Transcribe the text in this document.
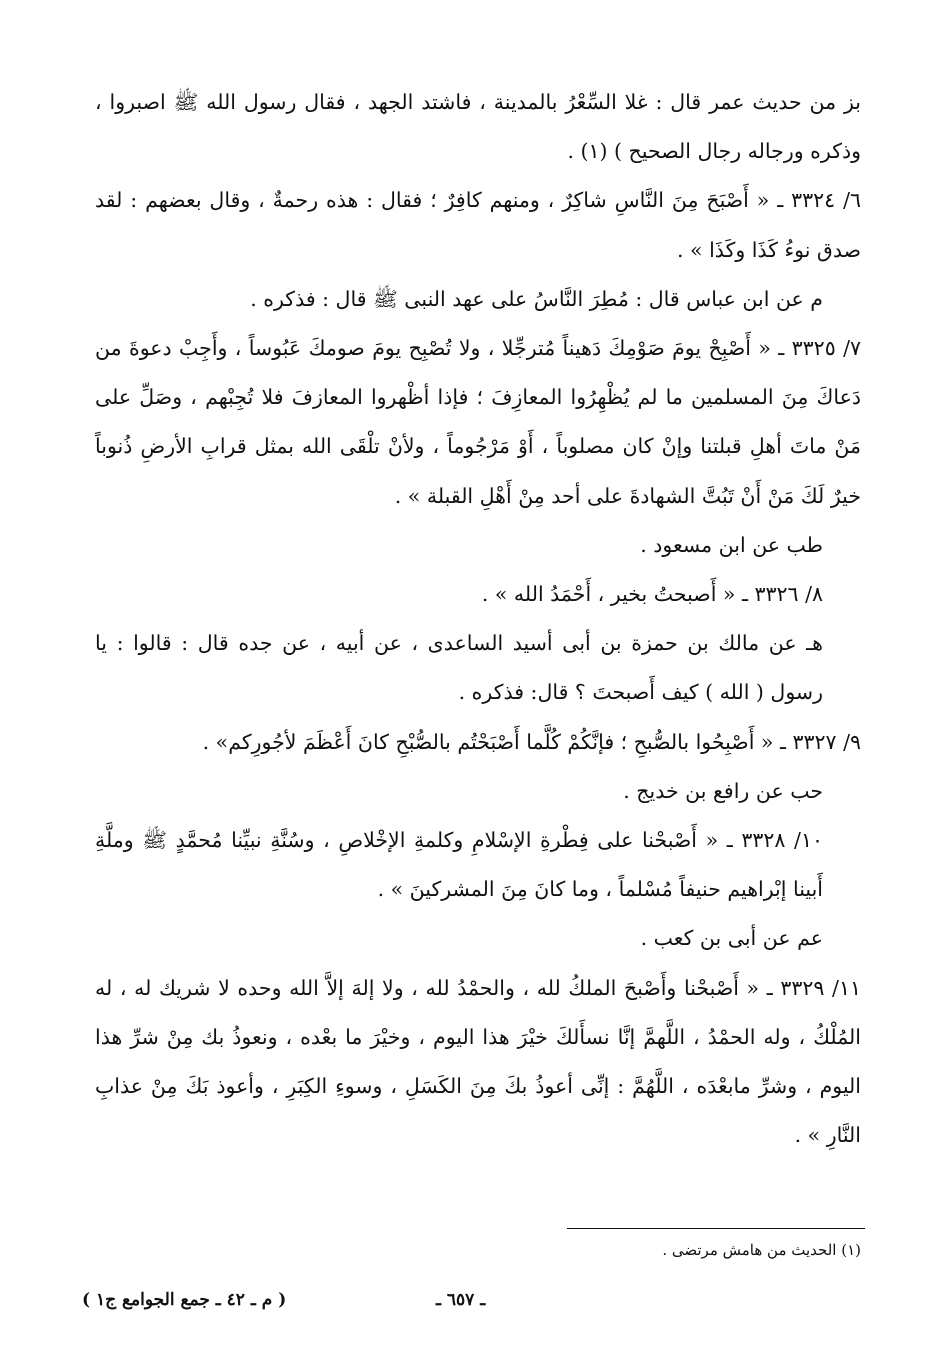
بز من حديث عمر قال : غلا السِّعْرُ بالمدينة ، فاشتد الجهد ، فقال رسول الله ﷺ اصبروا ، وذكره ورجاله رجال الصحيح ) (١) .

٦/ ٣٣٢٤ ـ « أَصْبَحَ مِنَ النَّاسِ شاكِرٌ ، ومنهم كافِرٌ ؛ فقال : هذه رحمةٌ ، وقال بعضهم : لقد صدق نوءُ كَذَا وكَذَا » .

م عن ابن عباس قال : مُطِرَ النَّاسُ على عهد النبى ﷺ قال : فذكره .

٧/ ٣٣٢٥ ـ « أَصْبِحْ يومَ صَوْمِكَ دَهيناً مُترجِّلا ، ولا تُصْبِح يومَ صومكَ عَبُوساً ، وأَجِبْ دعوةَ من دَعاكَ مِنَ المسلمين ما لم يُظْهِرُوا المعازِفَ ؛ فإذا أظْهروا المعازفَ فلا تُجِبْهم ، وصَلِّ على مَنْ ماتَ أهلِ قبلتنا وإنْ كان مصلوباً ، أَوْ مَرْجُوماً ، ولأنْ تلْقَى الله بمثل قرابِ الأرضِ ذُنوباً خيرٌ لَكَ مَنْ أَنْ تَبُتَّ الشهادةَ على أحد مِنْ أَهْلِ القبلة » .

طب عن ابن مسعود .

٨/ ٣٣٢٦ ـ « أَصبحتُ بخير ، أَحْمَدُ الله » .

هـ عن مالك بن حمزة بن أبى أسيد الساعدى ، عن أبيه ، عن جده قال : قالوا : يا رسول ( الله ) كيف أَصبحتَ ؟ قال: فذكره .

٩/ ٣٣٢٧ ـ « أَصْبِحُوا بالصُّبحِ ؛ فإنَّكُمْ كُلَّما أَصْبَحْتُم بالصُّبْحِ كانَ أَعْظَمَ لأجُورِكم» .

حب عن رافع بن خديج .

١٠/ ٣٣٢٨ ـ « أَصْبحْنا على فِطْرةِ الإسْلامِ وكلمةِ الإخْلاصِ ، وسُنَّةِ نبيِّنا مُحمَّدٍ ﷺ وملَّةِ أَبينا إبْراهيم حنيفاً مُسْلماً ، وما كانَ مِنَ المشركينَ » .

عم عن أبى بن كعب .

١١/ ٣٣٢٩ ـ « أَصْبحْنا وأَصْبحَ الملكُ لله ، والحمْدُ لله ، ولا إلهَ إلاَّ الله وحده لا شريك له ، له المُلْكُ ، وله الحمْدُ ، اللَّهمَّ إنَّا نسأَلكَ خيْرَ هذا اليوم ، وخيْرَ ما بعْده ، ونعوذُ بك مِنْ شرِّ هذا اليوم ، وشرِّ مابعْدَه ، اللَّهُمَّ : إنِّى أعوذُ بكَ مِنَ الكَسَلِ ، وسوءِ الكِبَرِ ، وأعوذ بَكَ مِنْ عذابِ النَّارِ » .

(١) الحديث من هامش مرتضى .
( م ـ ٤٢ ـ جمع الجوامع ج١ )	ـ ٦٥٧ ـ
